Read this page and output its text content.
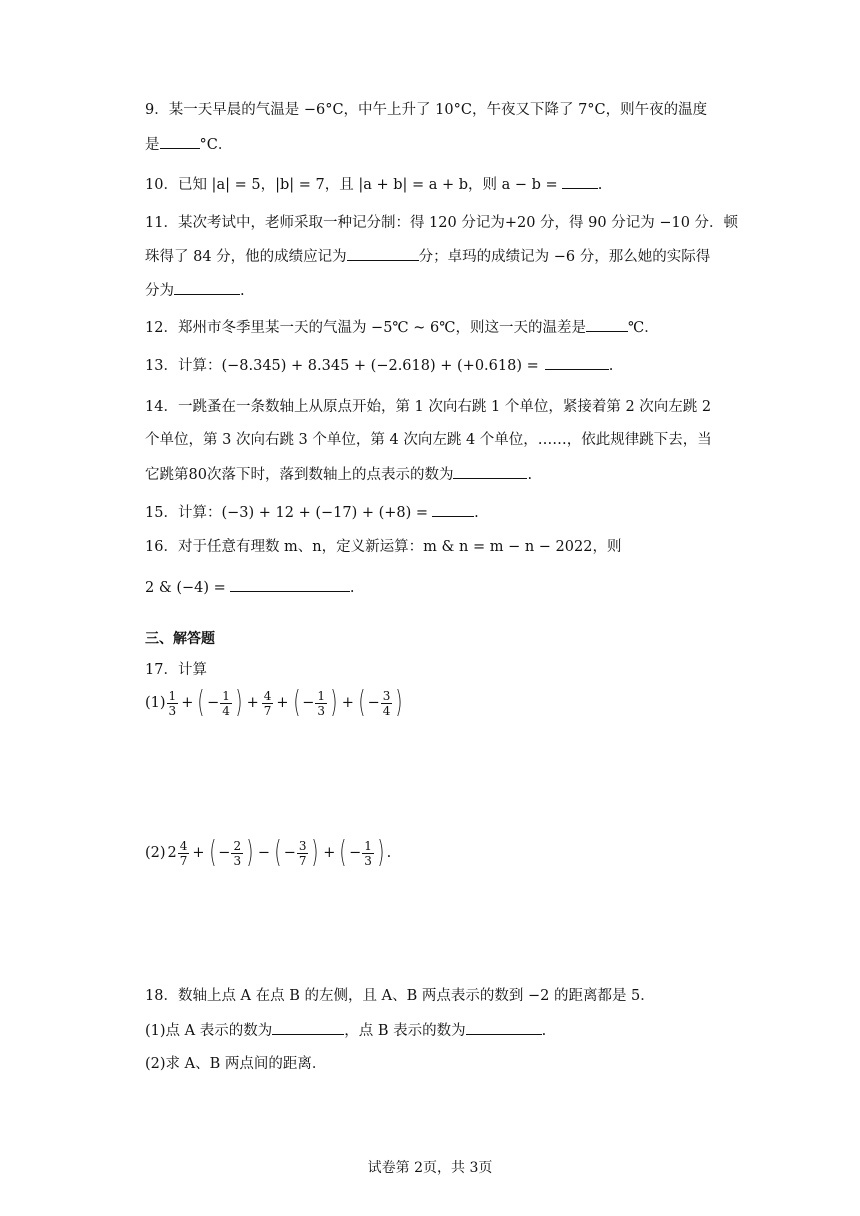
9．某一天早晨的气温是 −6°C，中午上升了 10°C，午夜又下降了 7°C，则午夜的温度
是	°C．
10．已知 |a| = 5，|b| = 7，且 |a + b| = a + b，则 a − b =	.
11．某次考试中，老师采取一种记分制：得 120 分记为+20 分，得 90 分记为 −10 分．顿
珠得了 84 分，他的成绩应记为	分；卓玛的成绩记为 −6 分，那么她的实际得
分为	.
12．郑州市冬季里某一天的气温为 −5℃ ~ 6℃，则这一天的温差是	℃．
13．计算：(−8.345) + 8.345 + (−2.618) + (+0.618) =	.
14．一跳蚤在一条数轴上从原点开始，第 1 次向右跳 1 个单位，紧接着第 2 次向左跳 2
个单位，第 3 次向右跳 3 个单位，第 4 次向左跳 4 个单位，……，依此规律跳下去，当
它跳第80次落下时，落到数轴上的点表示的数为	.
15．计算：(−3) + 12 + (−17) + (+8) =	.
16．对于任意有理数 m、n，定义新运算：m & n = m − n − 2022，则
2 & (−4) =	.
三、解答题
17．计算
$(1) \frac{1}{3}$ + ( − $\frac{1}{4}$ ) + $\frac{4}{7}$ + ( − $\frac{1}{3}$ ) + ( − $\frac{3}{4}$ )
(2) $2 \frac{4}{7}$ + ( − $\frac{2}{3}$ ) − ( − $\frac{3}{7}$ ) + ( − $\frac{1}{3}$ ) .
18．数轴上点 A 在点 B 的左侧，且 A、B 两点表示的数到 −2 的距离都是 5．
(1)点 A 表示的数为	，点 B 表示的数为	.
(2)求 A、B 两点间的距离．
试卷第 2页，共 3页
